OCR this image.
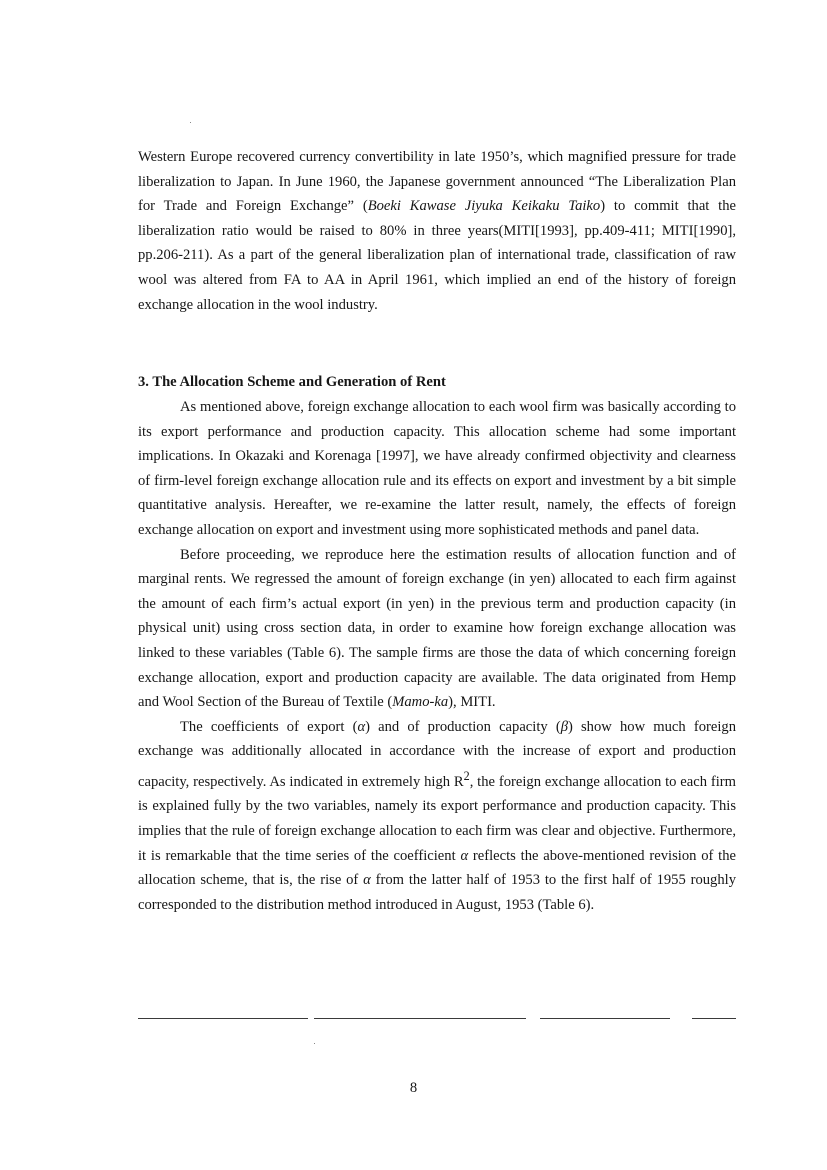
Western Europe recovered currency convertibility in late 1950’s, which magnified pressure for trade liberalization to Japan. In June 1960, the Japanese government announced “The Liberalization Plan for Trade and Foreign Exchange” (Boeki Kawase Jiyuka Keikaku Taiko) to commit that the liberalization ratio would be raised to 80% in three years(MITI[1993], pp.409-411; MITI[1990], pp.206-211). As a part of the general liberalization plan of international trade, classification of raw wool was altered from FA to AA in April 1961, which implied an end of the history of foreign exchange allocation in the wool industry.

3. The Allocation Scheme and Generation of Rent

As mentioned above, foreign exchange allocation to each wool firm was basically according to its export performance and production capacity. This allocation scheme had some important implications. In Okazaki and Korenaga [1997], we have already confirmed objectivity and clearness of firm-level foreign exchange allocation rule and its effects on export and investment by a bit simple quantitative analysis. Hereafter, we re-examine the latter result, namely, the effects of foreign exchange allocation on export and investment using more sophisticated methods and panel data.

Before proceeding, we reproduce here the estimation results of allocation function and of marginal rents. We regressed the amount of foreign exchange (in yen) allocated to each firm against the amount of each firm’s actual export (in yen) in the previous term and production capacity (in physical unit) using cross section data, in order to examine how foreign exchange allocation was linked to these variables (Table 6). The sample firms are those the data of which concerning foreign exchange allocation, export and production capacity are available. The data originated from Hemp and Wool Section of the Bureau of Textile (Mamo-ka), MITI.

The coefficients of export (α) and of production capacity (β) show how much foreign exchange was additionally allocated in accordance with the increase of export and production capacity, respectively. As indicated in extremely high $R^2$, the foreign exchange allocation to each firm is explained fully by the two variables, namely its export performance and production capacity. This implies that the rule of foreign exchange allocation to each firm was clear and objective. Furthermore, it is remarkable that the time series of the coefficient α reflects the above-mentioned revision of the allocation scheme, that is, the rise of α from the latter half of 1953 to the first half of 1955 roughly corresponded to the distribution method introduced in August, 1953 (Table 6).

8
